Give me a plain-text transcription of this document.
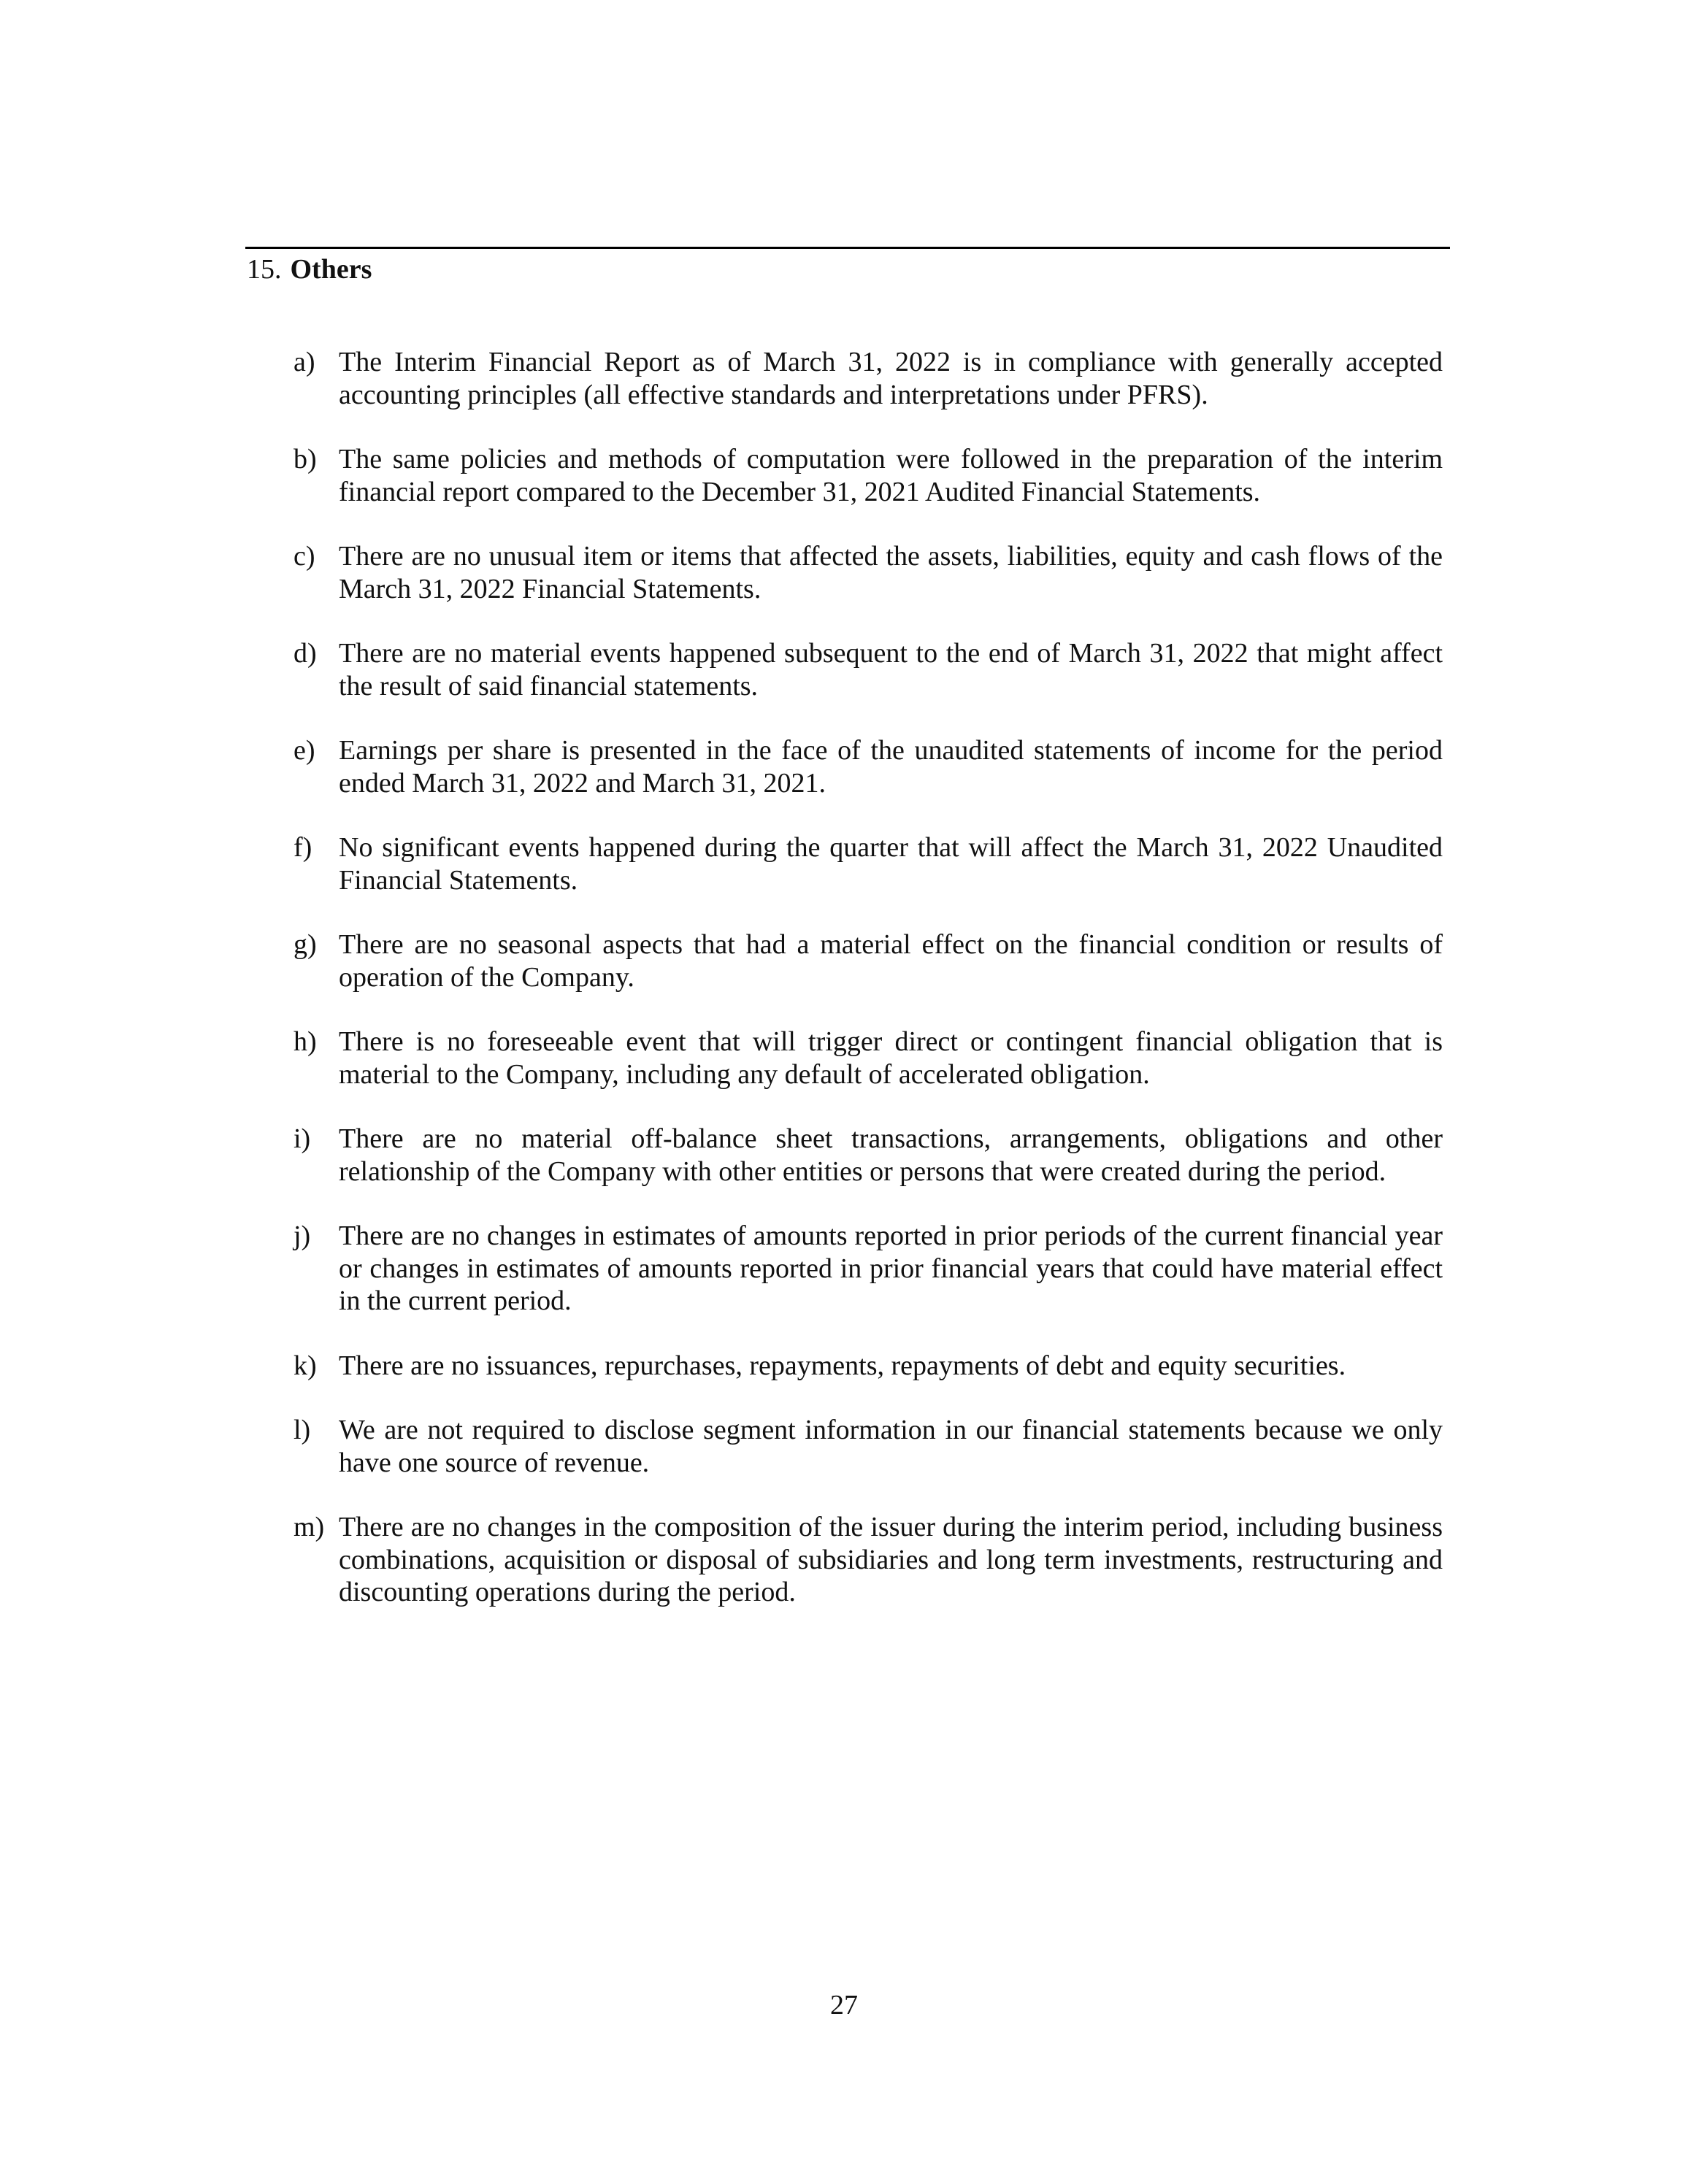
15. Others
a) The Interim Financial Report as of March 31, 2022 is in compliance with generally accepted accounting principles (all effective standards and interpretations under PFRS).
b) The same policies and methods of computation were followed in the preparation of the interim financial report compared to the December 31, 2021 Audited Financial Statements.
c) There are no unusual item or items that affected the assets, liabilities, equity and cash flows of the March 31, 2022 Financial Statements.
d) There are no material events happened subsequent to the end of March 31, 2022 that might affect the result of said financial statements.
e) Earnings per share is presented in the face of the unaudited statements of income for the period ended March 31, 2022 and March 31, 2021.
f) No significant events happened during the quarter that will affect the March 31, 2022 Unaudited Financial Statements.
g) There are no seasonal aspects that had a material effect on the financial condition or results of operation of the Company.
h) There is no foreseeable event that will trigger direct or contingent financial obligation that is material to the Company, including any default of accelerated obligation.
i) There are no material off-balance sheet transactions, arrangements, obligations and other relationship of the Company with other entities or persons that were created during the period.
j) There are no changes in estimates of amounts reported in prior periods of the current financial year or changes in estimates of amounts reported in prior financial years that could have material effect in the current period.
k) There are no issuances, repurchases, repayments, repayments of debt and equity securities.
l) We are not required to disclose segment information in our financial statements because we only have one source of revenue.
m) There are no changes in the composition of the issuer during the interim period, including business combinations, acquisition or disposal of subsidiaries and long term investments, restructuring and discounting operations during the period.
27
